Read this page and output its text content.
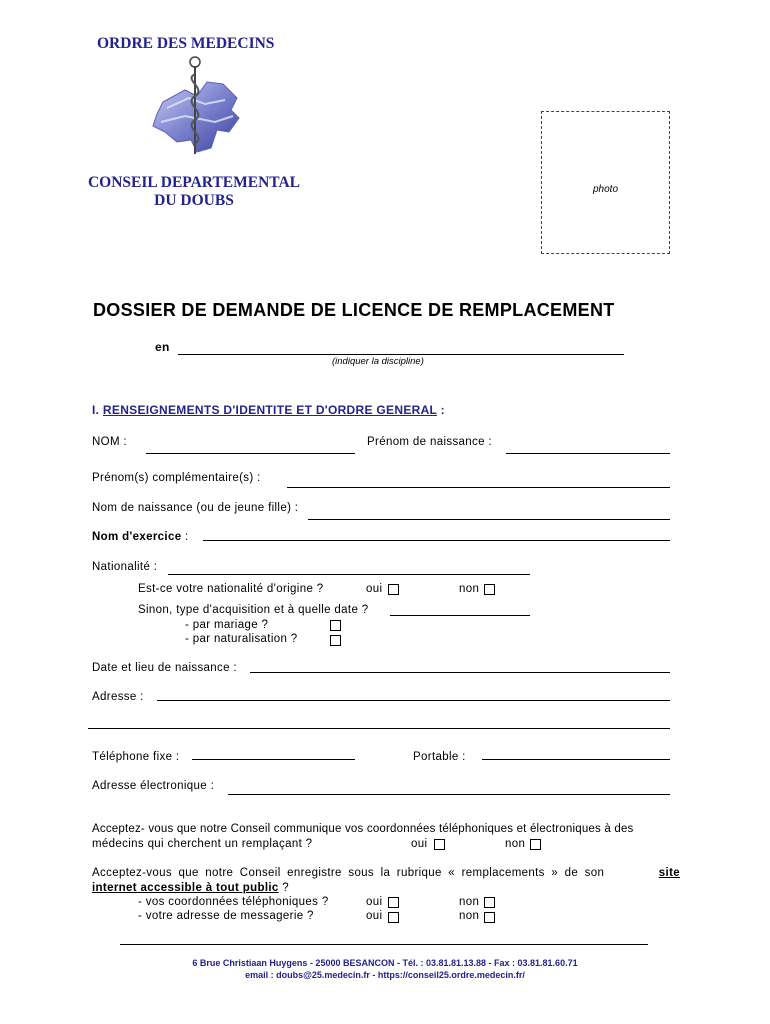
ORDRE DES MEDECINS
CONSEIL DEPARTEMENTAL
DU DOUBS
photo
DOSSIER DE DEMANDE DE LICENCE DE REMPLACEMENT
en
(indiquer la discipline)
I. RENSEIGNEMENTS D'IDENTITE ET D'ORDRE GENERAL :
NOM :	Prénom de naissance :
Prénom(s) complémentaire(s) :
Nom de naissance (ou de jeune fille) :
Nom d'exercice :
Nationalité :
Est-ce votre nationalité d'origine ?	oui	non
Sinon, type d'acquisition et à quelle date ?
- par mariage ?
- par naturalisation ?
Date et lieu de naissance :
Adresse :
Téléphone fixe :	Portable :
Adresse électronique :
Acceptez- vous que notre Conseil communique vos coordonnées téléphoniques et électroniques à des
médecins qui cherchent un remplaçant ?	oui	non
Acceptez-vous que notre Conseil enregistre sous la rubrique « remplacements » de son	site
internet accessible à tout public ?
- vos coordonnées téléphoniques ?	oui	non
- votre adresse de messagerie ?	oui	non
6 Brue Christiaan Huygens - 25000 BESANCON - Tél. : 03.81.81.13.88 - Fax : 03.81.81.60.71
email : doubs@25.medecin.fr - https://conseil25.ordre.medecin.fr/
